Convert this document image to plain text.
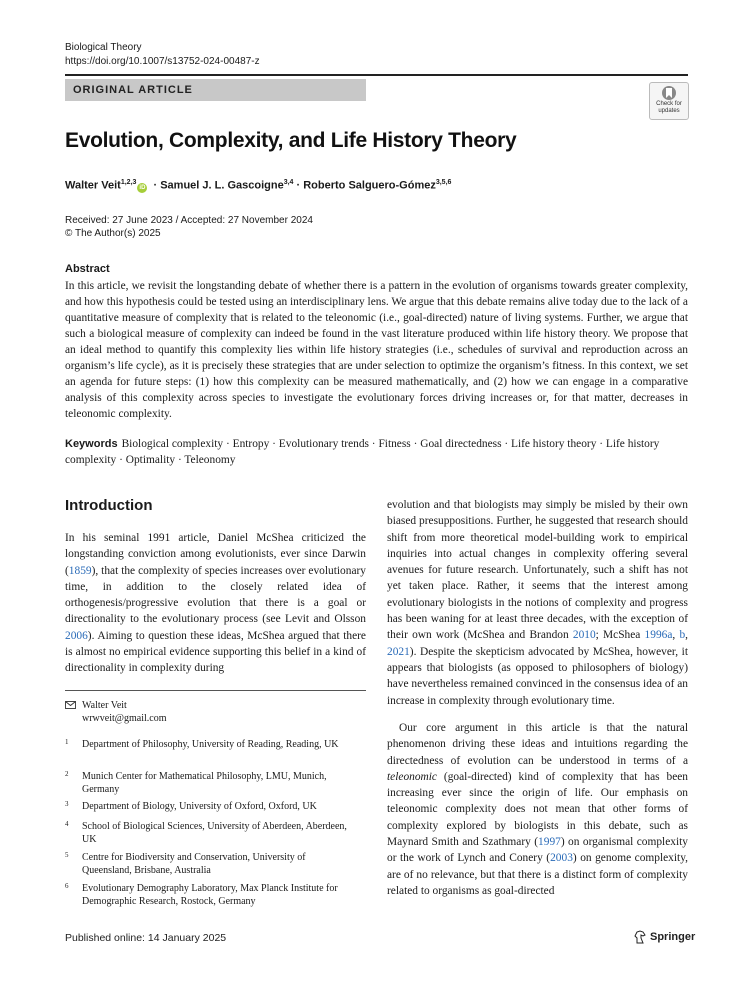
Biological Theory
https://doi.org/10.1007/s13752-024-00487-z
ORIGINAL ARTICLE
Check for
updates
Evolution, Complexity, and Life History Theory
Walter Veit$^{1,2,3}$iD · Samuel J. L. Gascoigne$^{3,4}$ · Roberto Salguero-Gómez$^{3,5,6}$
Received: 27 June 2023 / Accepted: 27 November 2024
© The Author(s) 2025
Abstract

In this article, we revisit the longstanding debate of whether there is a pattern in the evolution of organisms towards greater complexity, and how this hypothesis could be tested using an interdisciplinary lens. We argue that this debate remains alive today due to the lack of a quantitative measure of complexity that is related to the teleonomic (i.e., goal-directed) nature of living systems. Further, we argue that such a biological measure of complexity can indeed be found in the vast literature produced within life history theory. We propose that an ideal method to quantify this complexity lies within life history strategies (i.e., schedules of survival and reproduction across an organism’s life cycle), as it is precisely these strategies that are under selection to optimize the organism’s fitness. In this context, we set an agenda for future steps: (1) how this complexity can be measured mathematically, and (2) how we can engage in a comparative analysis of this complexity across species to investigate the evolutionary forces driving increases or, for that matter, decreases in teleonomic complexity.

Keywords Biological complexity · Entropy · Evolutionary trends · Fitness · Goal directedness · Life history theory · Life history complexity · Optimality · Teleonomy

Introduction

In his seminal 1991 article, Daniel McShea criticized the longstanding conviction among evolutionists, ever since Darwin (1859), that the complexity of species increases over evolutionary time, in addition to the closely related idea of orthogenesis/progressive evolution that there is a goal or directionality to the evolutionary process (see Levit and Olsson 2006). Aiming to question these ideas, McShea argued that there is almost no empirical evidence supporting this belief in a kind of directionality in complexity during

evolution and that biologists may simply be misled by their own biased presuppositions. Further, he suggested that research should shift from more theoretical model-building work to empirical inquiries into actual changes in complexity offering several avenues for future research. Unfortunately, such a shift has not yet taken place. Rather, it seems that the interest among evolutionary biologists in the notions of complexity and progress has been waning for at least three decades, with the exception of their own work (McShea and Brandon 2010; McShea 1996a, b, 2021). Despite the skepticism advocated by McShea, however, it appears that biologists (as opposed to philosophers of biology) have nevertheless remained convinced in the consensus idea of an increase in complexity through evolutionary time.

Our core argument in this article is that the natural phenomenon driving these ideas and intuitions regarding the directedness of evolution can be understood in terms of a teleonomic (goal-directed) kind of complexity that has been increasing ever since the origin of life. Our emphasis on teleonomic complexity does not mean that other forms of complexity explored by biologists in this debate, such as Maynard Smith and Szathmary (1997) on organismal complexity or the work of Lynch and Conery (2003) on genome complexity, are of no relevance, but that there is a distinct form of complexity related to organisms as goal-directed

Walter Veit
wrwveit@gmail.com
1 Department of Philosophy, University of Reading, Reading, UK
2 Munich Center for Mathematical Philosophy, LMU, Munich, Germany
3 Department of Biology, University of Oxford, Oxford, UK
4 School of Biological Sciences, University of Aberdeen, Aberdeen, UK
5 Centre for Biodiversity and Conservation, University of Queensland, Brisbane, Australia
6 Evolutionary Demography Laboratory, Max Planck Institute for Demographic Research, Rostock, Germany
Published online: 14 January 2025	Springer
